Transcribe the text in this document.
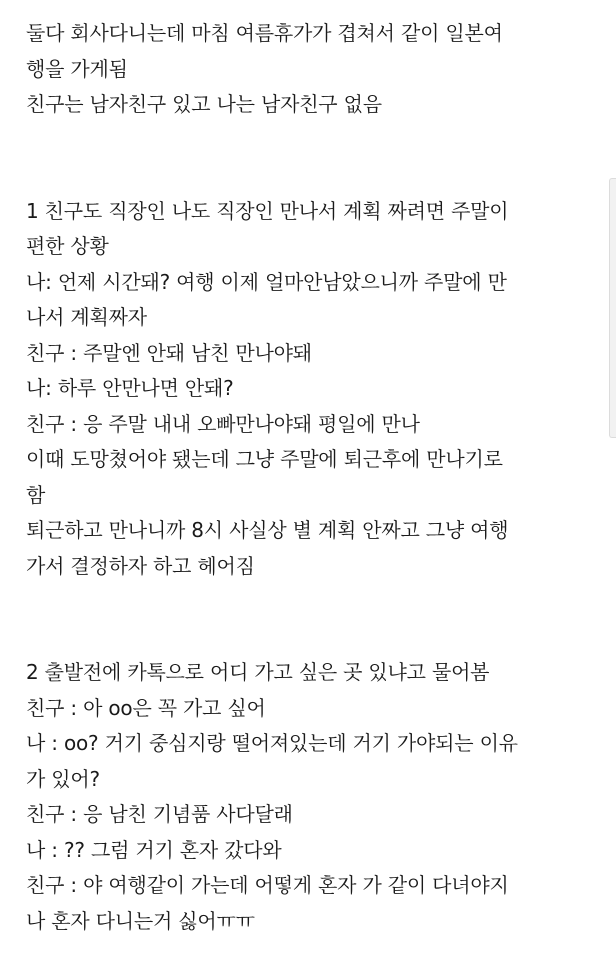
둘다 회사다니는데 마침 여름휴가가 겹쳐서 같이 일본여
행을 가게됨
친구는 남자친구 있고 나는 남자친구 없음
1 친구도 직장인 나도 직장인 만나서 계획 짜려면 주말이
편한 상황
나: 언제 시간돼? 여행 이제 얼마안남았으니까 주말에 만
나서 계획짜자
친구 : 주말엔 안돼 남친 만나야돼
나: 하루 안만나면 안돼?
친구 : 응 주말 내내 오빠만나야돼 평일에 만나
이때 도망쳤어야 됐는데 그냥 주말에 퇴근후에 만나기로
함
퇴근하고 만나니까 8시 사실상 별 계획 안짜고 그냥 여행
가서 결정하자 하고 헤어짐
2 출발전에 카톡으로 어디 가고 싶은 곳 있냐고 물어봄
친구 : 아 oo은 꼭 가고 싶어
나 : oo? 거기 중심지랑 떨어져있는데 거기 가야되는 이유
가 있어?
친구 : 응 남친 기념품 사다달래
나 : ?? 그럼 거기 혼자 갔다와
친구 : 야 여행같이 가는데 어떻게 혼자 가 같이 다녀야지
나 혼자 다니는거 싫어ㅠㅠ
